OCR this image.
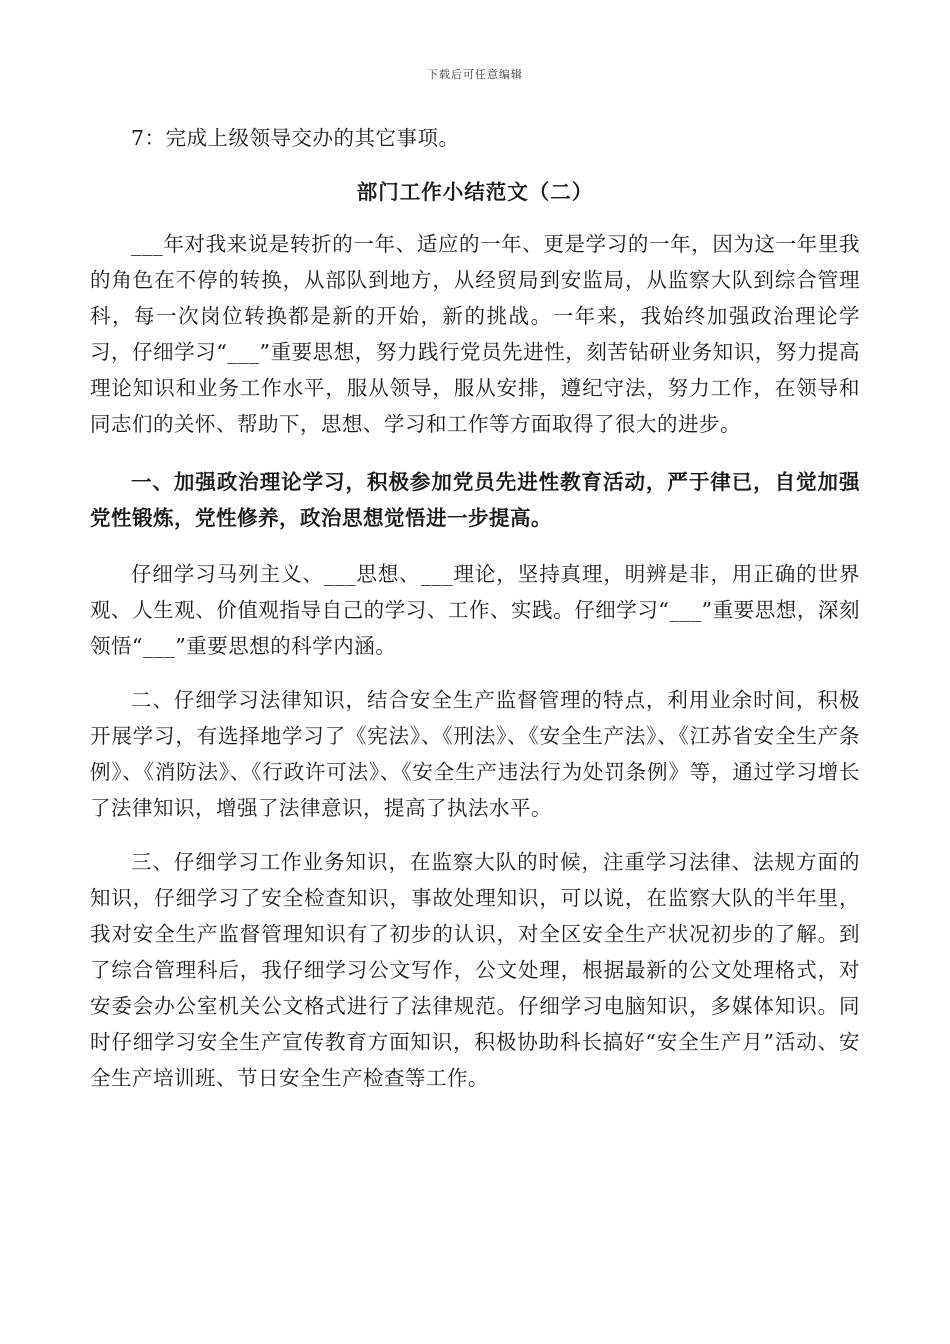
下载后可任意编辑

7：完成上级领导交办的其它事项。

部门工作小结范文（二）

___年对我来说是转折的一年、适应的一年、更是学习的一年，因为这一年里我的角色在不停的转换，从部队到地方，从经贸局到安监局，从监察大队到综合管理科，每一次岗位转换都是新的开始，新的挑战。一年来，我始终加强政治理论学习，仔细学习“___”重要思想，努力践行党员先进性，刻苦钻研业务知识，努力提高理论知识和业务工作水平，服从领导，服从安排，遵纪守法，努力工作，在领导和同志们的关怀、帮助下，思想、学习和工作等方面取得了很大的进步。

一、加强政治理论学习，积极参加党员先进性教育活动，严于律已，自觉加强党性锻炼，党性修养，政治思想觉悟进一步提高。

仔细学习马列主义、___思想、___理论，坚持真理，明辨是非，用正确的世界观、人生观、价值观指导自己的学习、工作、实践。仔细学习“___”重要思想，深刻领悟“___”重要思想的科学内涵。

二、仔细学习法律知识，结合安全生产监督管理的特点，利用业余时间，积极开展学习，有选择地学习了《宪法》、《刑法》、《安全生产法》、《江苏省安全生产条例》、《消防法》、《行政许可法》、《安全生产违法行为处罚条例》等，通过学习增长了法律知识，增强了法律意识，提高了执法水平。

三、仔细学习工作业务知识，在监察大队的时候，注重学习法律、法规方面的知识，仔细学习了安全检查知识，事故处理知识，可以说，在监察大队的半年里，我对安全生产监督管理知识有了初步的认识，对全区安全生产状况初步的了解。到了综合管理科后，我仔细学习公文写作，公文处理，根据最新的公文处理格式，对安委会办公室机关公文格式进行了法律规范。仔细学习电脑知识，多媒体知识。同时仔细学习安全生产宣传教育方面知识，积极协助科长搞好“安全生产月”活动、安全生产培训班、节日安全生产检查等工作。
